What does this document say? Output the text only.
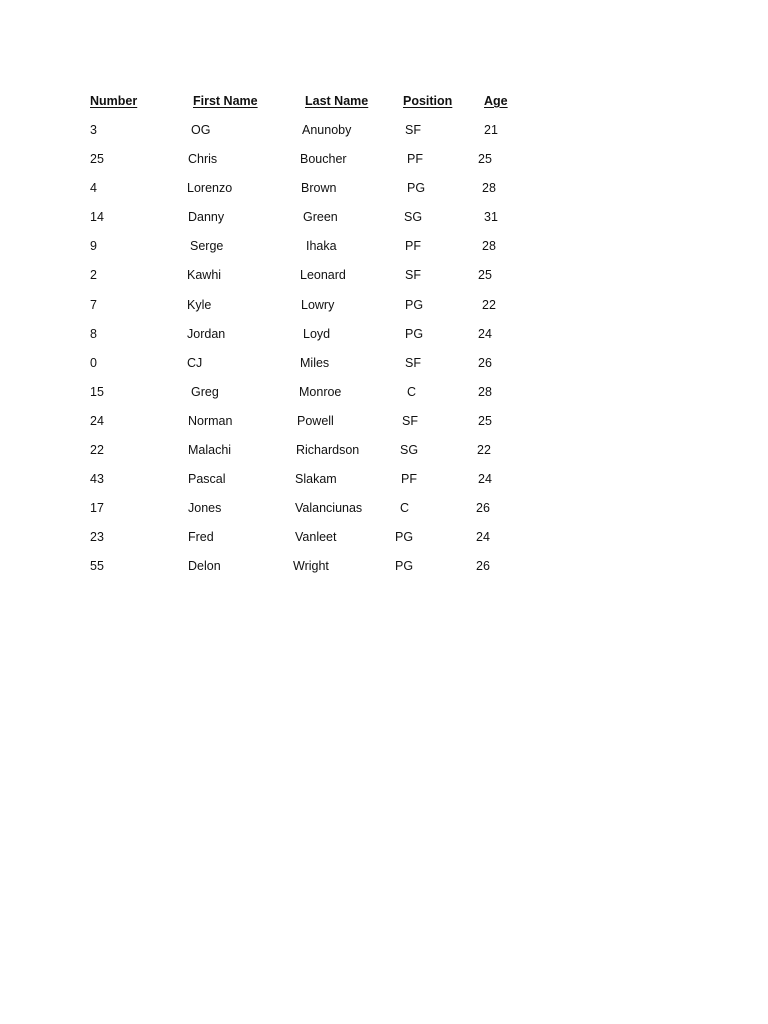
Number	First Name	Last Name	Position	Age
3	OG	Anunoby	SF	21
25	Chris	Boucher	PF	25
4	Lorenzo	Brown	PG	28
14	Danny	Green	SG	31
9	Serge	Ihaka	PF	28
2	Kawhi	Leonard	SF	25
7	Kyle	Lowry	PG	22
8	Jordan	Loyd	PG	24
0	CJ	Miles	SF	26
15	Greg	Monroe	C	28
24	Norman	Powell	SF	25
22	Malachi	Richardson	SG	22
43	Pascal	Slakam	PF	24
17	Jones	Valanciunas	C	26
23	Fred	Vanleet	PG	24
55	Delon	Wright	PG	26
